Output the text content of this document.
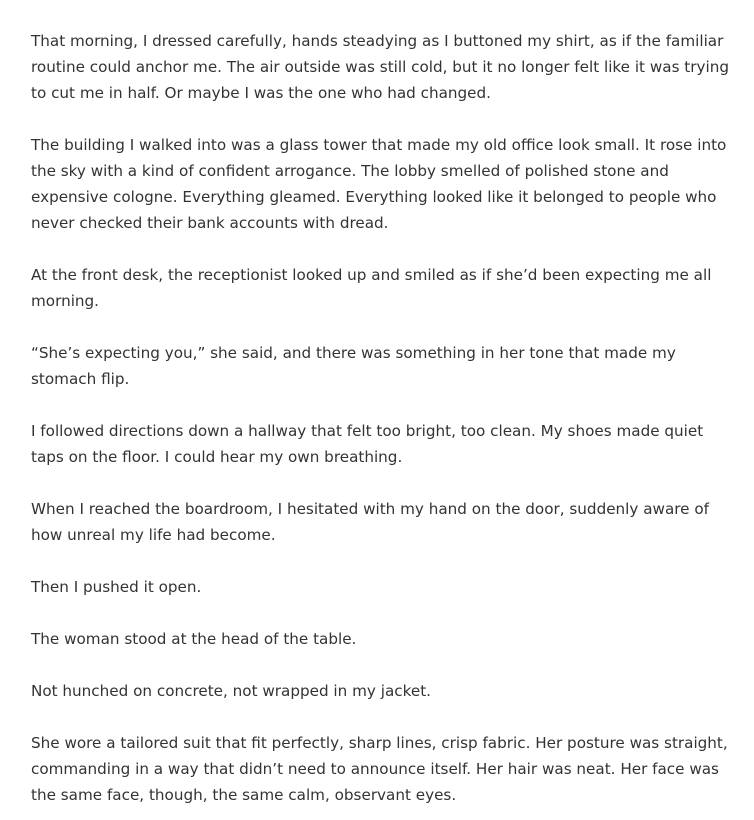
That morning, I dressed carefully, hands steadying as I buttoned my shirt, as if the familiar routine could anchor me. The air outside was still cold, but it no longer felt like it was trying to cut me in half. Or maybe I was the one who had changed.

The building I walked into was a glass tower that made my old office look small. It rose into the sky with a kind of confident arrogance. The lobby smelled of polished stone and expensive cologne. Everything gleamed. Everything looked like it belonged to people who never checked their bank accounts with dread.

At the front desk, the receptionist looked up and smiled as if she’d been expecting me all morning.

“She’s expecting you,” she said, and there was something in her tone that made my stomach flip.

I followed directions down a hallway that felt too bright, too clean. My shoes made quiet taps on the floor. I could hear my own breathing.

When I reached the boardroom, I hesitated with my hand on the door, suddenly aware of how unreal my life had become.

Then I pushed it open.

The woman stood at the head of the table.

Not hunched on concrete, not wrapped in my jacket.

She wore a tailored suit that fit perfectly, sharp lines, crisp fabric. Her posture was straight, commanding in a way that didn’t need to announce itself. Her hair was neat. Her face was the same face, though, the same calm, observant eyes.
